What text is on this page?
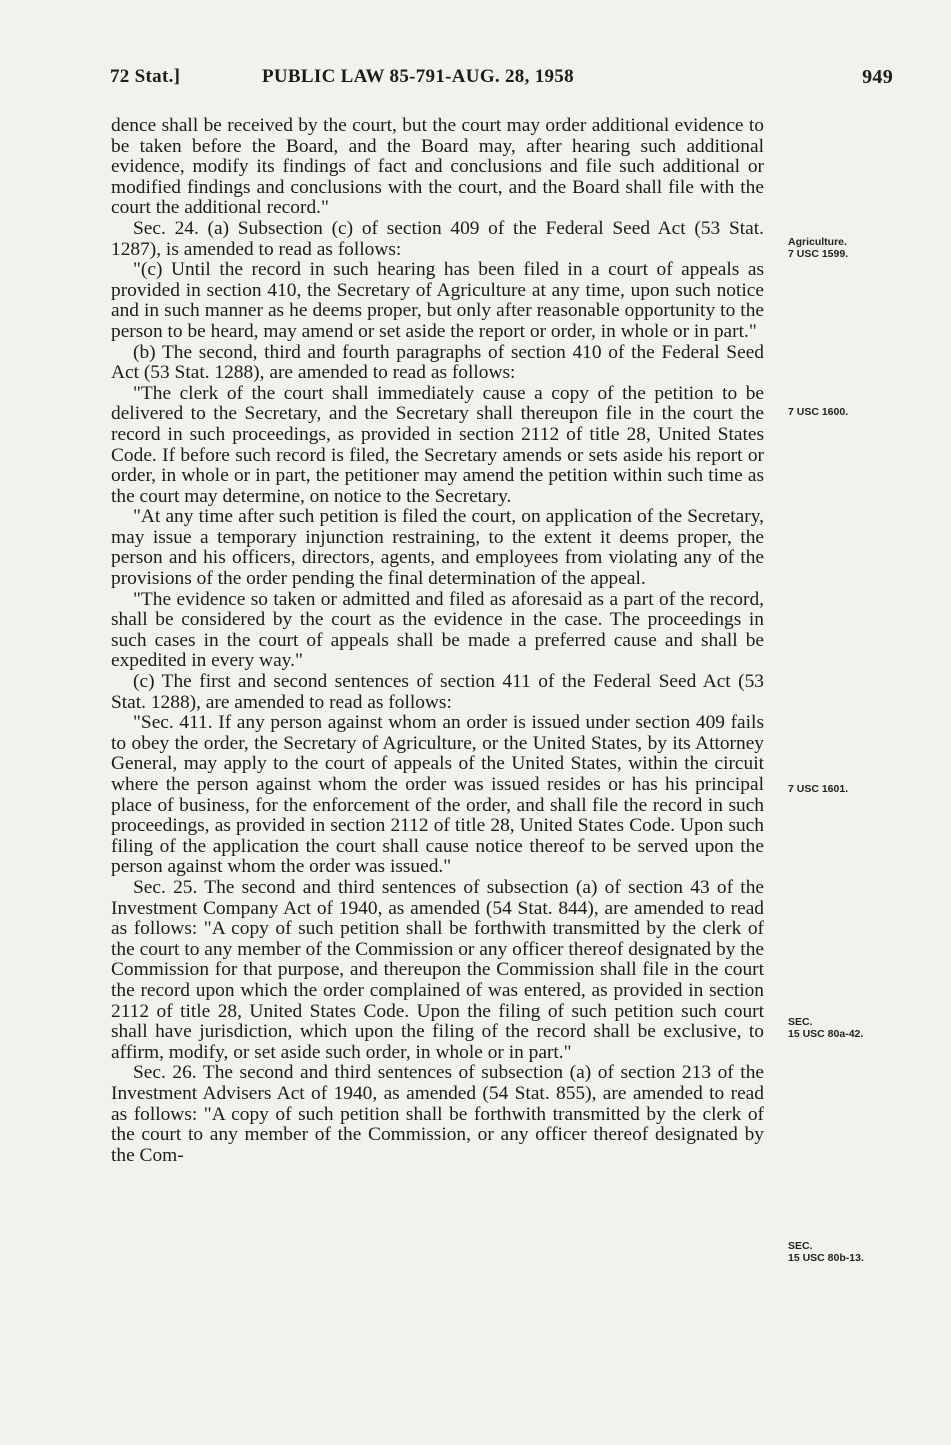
72 Stat.]	PUBLIC LAW 85-791-AUG. 28, 1958	949

dence shall be received by the court, but the court may order additional evidence to be taken before the Board, and the Board may, after hearing such additional evidence, modify its findings of fact and conclusions and file such additional or modified findings and conclusions with the court, and the Board shall file with the court the additional record."

Sec. 24. (a) Subsection (c) of section 409 of the Federal Seed Act (53 Stat. 1287), is amended to read as follows:

"(c) Until the record in such hearing has been filed in a court of appeals as provided in section 410, the Secretary of Agriculture at any time, upon such notice and in such manner as he deems proper, but only after reasonable opportunity to the person to be heard, may amend or set aside the report or order, in whole or in part."

(b) The second, third and fourth paragraphs of section 410 of the Federal Seed Act (53 Stat. 1288), are amended to read as follows:

"The clerk of the court shall immediately cause a copy of the petition to be delivered to the Secretary, and the Secretary shall thereupon file in the court the record in such proceedings, as provided in section 2112 of title 28, United States Code. If before such record is filed, the Secretary amends or sets aside his report or order, in whole or in part, the petitioner may amend the petition within such time as the court may determine, on notice to the Secretary.

"At any time after such petition is filed the court, on application of the Secretary, may issue a temporary injunction restraining, to the extent it deems proper, the person and his officers, directors, agents, and employees from violating any of the provisions of the order pending the final determination of the appeal.

"The evidence so taken or admitted and filed as aforesaid as a part of the record, shall be considered by the court as the evidence in the case. The proceedings in such cases in the court of appeals shall be made a preferred cause and shall be expedited in every way."

(c) The first and second sentences of section 411 of the Federal Seed Act (53 Stat. 1288), are amended to read as follows:

"Sec. 411. If any person against whom an order is issued under section 409 fails to obey the order, the Secretary of Agriculture, or the United States, by its Attorney General, may apply to the court of appeals of the United States, within the circuit where the person against whom the order was issued resides or has his principal place of business, for the enforcement of the order, and shall file the record in such proceedings, as provided in section 2112 of title 28, United States Code. Upon such filing of the application the court shall cause notice thereof to be served upon the person against whom the order was issued."

Sec. 25. The second and third sentences of subsection (a) of section 43 of the Investment Company Act of 1940, as amended (54 Stat. 844), are amended to read as follows: "A copy of such petition shall be forthwith transmitted by the clerk of the court to any member of the Commission or any officer thereof designated by the Commission for that purpose, and thereupon the Commission shall file in the court the record upon which the order complained of was entered, as provided in section 2112 of title 28, United States Code. Upon the filing of such petition such court shall have jurisdiction, which upon the filing of the record shall be exclusive, to affirm, modify, or set aside such order, in whole or in part."

Sec. 26. The second and third sentences of subsection (a) of section 213 of the Investment Advisers Act of 1940, as amended (54 Stat. 855), are amended to read as follows: "A copy of such petition shall be forthwith transmitted by the clerk of the court to any member of the Commission, or any officer thereof designated by the Com-

Agriculture.
7 USC 1599.
7 USC 1600.
7 USC 1601.
SEC.
15 USC 80a-42.
SEC.
15 USC 80b-13.
